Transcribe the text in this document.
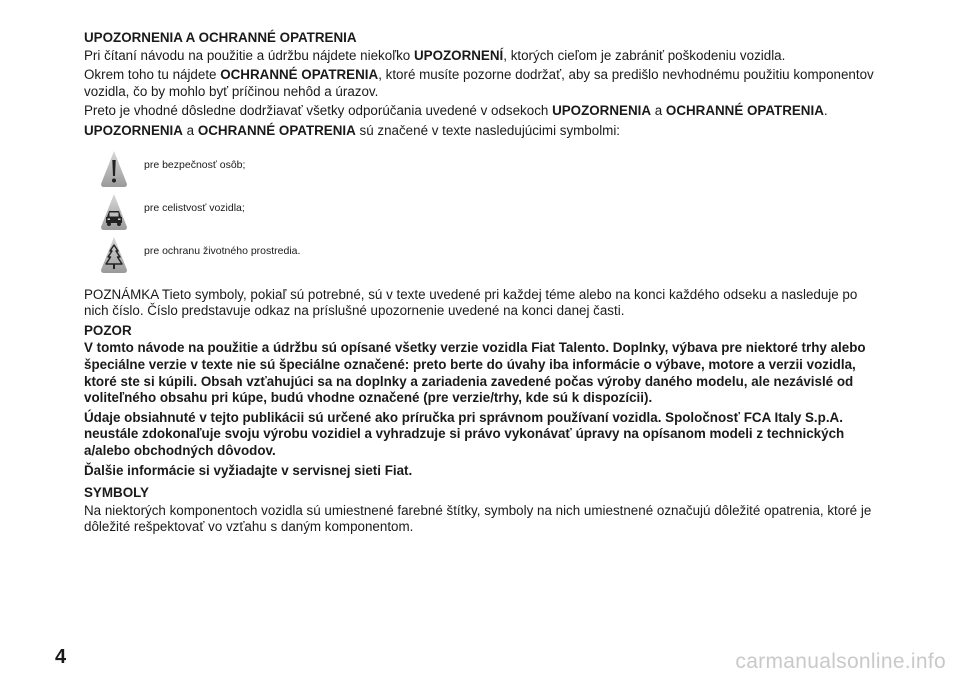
UPOZORNENIA A OCHRANNÉ OPATRENIA

Pri čítaní návodu na použitie a údržbu nájdete niekoľko UPOZORNENÍ, ktorých cieľom je zabrániť poškodeniu vozidla.

Okrem toho tu nájdete OCHRANNÉ OPATRENIA, ktoré musíte pozorne dodržať, aby sa predišlo nevhodnému použitiu komponentov vozidla, čo by mohlo byť príčinou nehôd a úrazov.

Preto je vhodné dôsledne dodržiavať všetky odporúčania uvedené v odsekoch UPOZORNENIA a OCHRANNÉ OPATRENIA.

UPOZORNENIA a OCHRANNÉ OPATRENIA sú značené v texte nasledujúcimi symbolmi:

pre bezpečnosť osôb;
pre celistvosť vozidla;
pre ochranu životného prostredia.

POZNÁMKA Tieto symboly, pokiaľ sú potrebné, sú v texte uvedené pri každej téme alebo na konci každého odseku a nasleduje po nich číslo. Číslo predstavuje odkaz na príslušné upozornenie uvedené na konci danej časti.

POZOR

V tomto návode na použitie a údržbu sú opísané všetky verzie vozidla Fiat Talento. Doplnky, výbava pre niektoré trhy alebo špeciálne verzie v texte nie sú špeciálne označené: preto berte do úvahy iba informácie o výbave, motore a verzii vozidla, ktoré ste si kúpili. Obsah vzťahujúci sa na doplnky a zariadenia zavedené počas výroby daného modelu, ale nezávislé od voliteľného obsahu pri kúpe, budú vhodne označené (pre verzie/trhy, kde sú k dispozícii).

Údaje obsiahnuté v tejto publikácii sú určené ako príručka pri správnom používaní vozidla. Spoločnosť FCA Italy S.p.A. neustále zdokonaľuje svoju výrobu vozidiel a vyhradzuje si právo vykonávať úpravy na opísanom modeli z technických a/alebo obchodných dôvodov.

Ďalšie informácie si vyžiadajte v servisnej sieti Fiat.

SYMBOLY

Na niektorých komponentoch vozidla sú umiestnené farebné štítky, symboly na nich umiestnené označujú dôležité opatrenia, ktoré je dôležité rešpektovať vo vzťahu s daným komponentom.

4	carmanualsonline.info
